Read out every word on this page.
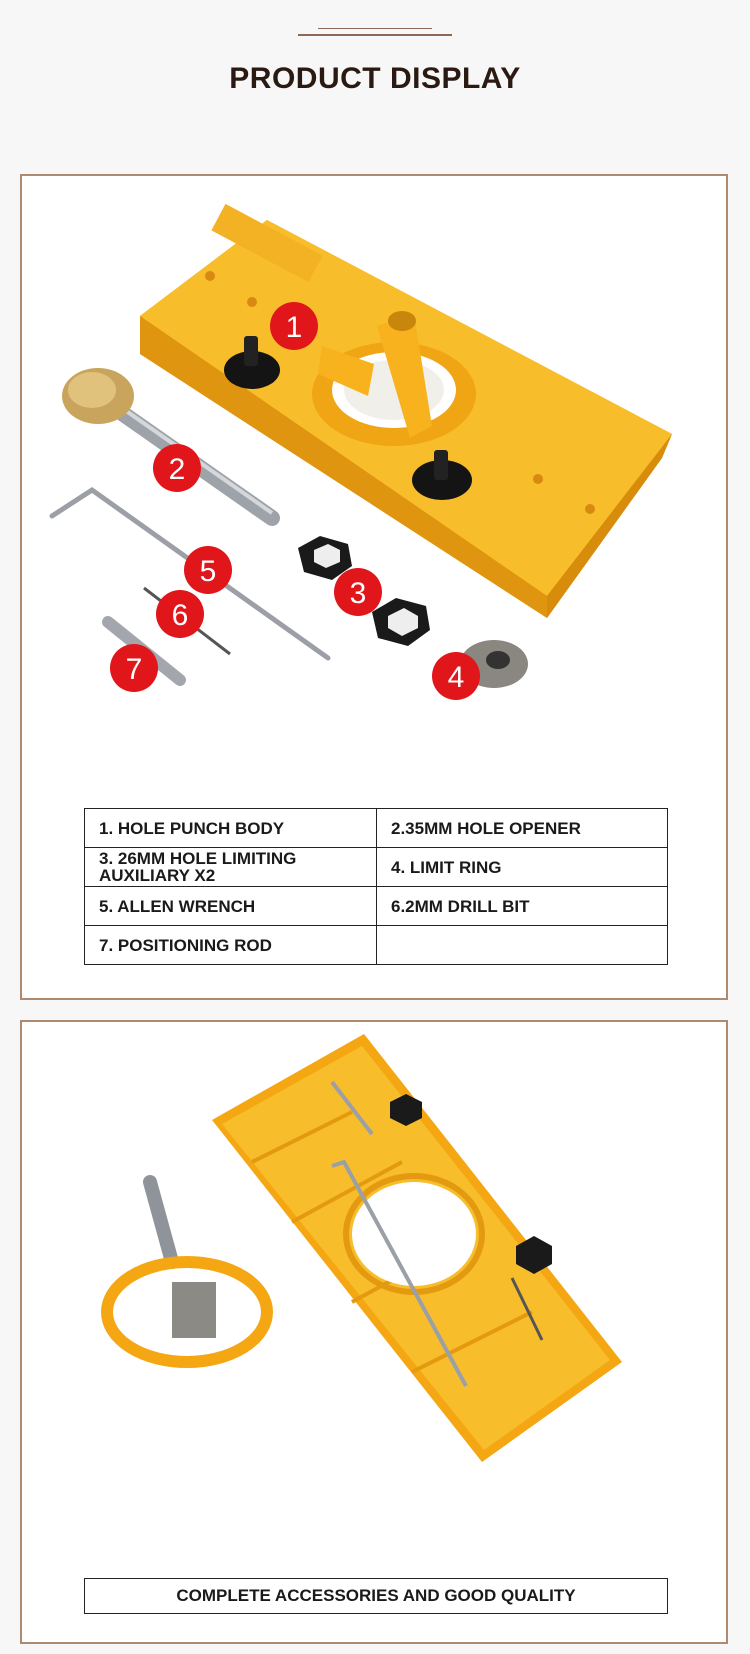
PRODUCT DISPLAY
1
2
3
4
5
6
7
1. HOLE PUNCH BODY	2.35MM HOLE OPENER
3. 26MM HOLE LIMITING AUXILIARY X2	4. LIMIT RING
5. ALLEN WRENCH	6.2MM DRILL BIT
7. POSITIONING ROD	
COMPLETE ACCESSORIES AND GOOD QUALITY
